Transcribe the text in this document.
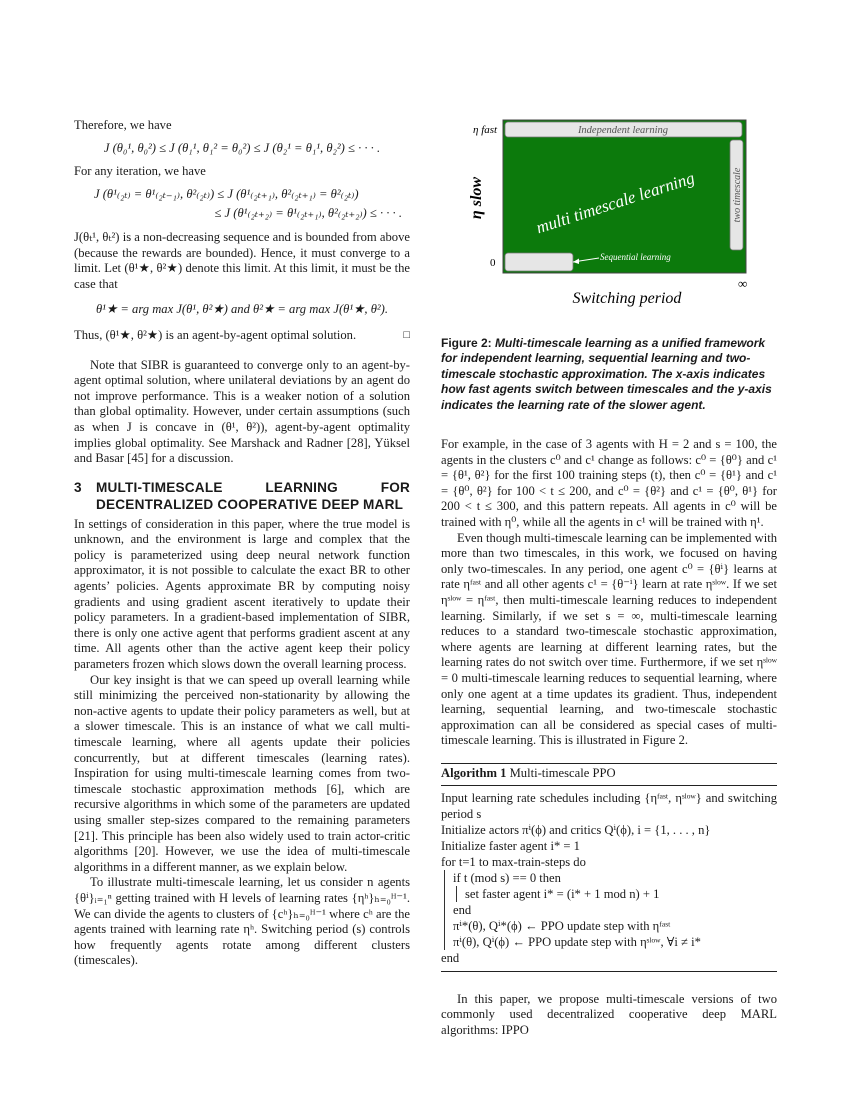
Therefore, we have

J (θ₀¹, θ₀²) ≤ J (θ₁¹, θ₁² = θ₀²) ≤ J (θ₂¹ = θ₁¹, θ₂²) ≤ · · · .

For any iteration, we have

J (θ¹₍₂ₜ₎ = θ¹₍₂ₜ₋₁₎, θ²₍₂ₜ₎) ≤ J (θ¹₍₂ₜ₊₁₎, θ²₍₂ₜ₊₁₎ = θ²₍₂ₜ₎)
≤ J (θ¹₍₂ₜ₊₂₎ = θ¹₍₂ₜ₊₁₎, θ²₍₂ₜ₊₂₎) ≤ · · · .

J(θₜ¹, θₜ²) is a non-decreasing sequence and is bounded from above (because the rewards are bounded). Hence, it must converge to a limit. Let (θ¹★, θ²★) denote this limit. At this limit, it must be the case that

θ¹★ = arg max J(θ¹, θ²★) and θ²★ = arg max J(θ¹★, θ²).

Thus, (θ¹★, θ²★) is an agent-by-agent optimal solution.	□

Note that SIBR is guaranteed to converge only to an agent-by-agent optimal solution, where unilateral deviations by an agent do not improve performance. This is a weaker notion of a solution than global optimality. However, under certain assumptions (such as when J is concave in (θ¹, θ²)), agent-by-agent optimality implies global optimality. See Marshack and Radner [28], Yüksel and Basar [45] for a discussion.

3	MULTI-TIMESCALE LEARNING FOR DECENTRALIZED COOPERATIVE DEEP MARL

In settings of consideration in this paper, where the true model is unknown, and the environment is large and complex that the policy is parameterized using deep neural network function approximator, it is not possible to calculate the exact BR to other agents’ policies. Agents approximate BR by computing noisy gradients and using gradient ascent iteratively to update their policy parameters. In a gradient-based implementation of SIBR, there is only one active agent that performs gradient ascent at any time. All agents other than the active agent keep their policy parameters frozen which slows down the overall learning process.

Our key insight is that we can speed up overall learning while still minimizing the perceived non-stationarity by allowing the non-active agents to update their policy parameters as well, but at a slower timescale. This is an instance of what we call multi-timescale learning, where all agents update their policies concurrently, but at different timescales (learning rates). Inspiration for using multi-timescale learning comes from two-timescale stochastic approximation methods [6], which are recursive algorithms in which some of the parameters are updated using smaller step-sizes compared to the remaining parameters [21]. This principle has been also widely used to train actor-critic algorithms [20]. However, we use the idea of multi-timescale algorithms in a different manner, as we explain below.

To illustrate multi-timescale learning, let us consider n agents {θⁱ}ᵢ₌₁ⁿ getting trained with H levels of learning rates {ηʰ}ₕ₌₀ᴴ⁻¹. We can divide the agents to clusters of {cʰ}ₕ₌₀ᴴ⁻¹ where cʰ are the agents trained with learning rate ηʰ. Switching period (s) controls how frequently agents rotate among different clusters (timescales).

Independent learning
two timescale
Sequential learning
multi timescale learning
η fast
η slow
0
∞
Switching period
Figure 2: Multi-timescale learning as a unified framework for independent learning, sequential learning and two-timescale stochastic approximation. The x-axis indicates how fast agents switch between timescales and the y-axis indicates the learning rate of the slower agent.

For example, in the case of 3 agents with H = 2 and s = 100, the agents in the clusters c⁰ and c¹ change as follows: c⁰ = {θ⁰} and c¹ = {θ¹, θ²} for the first 100 training steps (t), then c⁰ = {θ¹} and c¹ = {θ⁰, θ²} for 100 < t ≤ 200, and c⁰ = {θ²} and c¹ = {θ⁰, θ¹} for 200 < t ≤ 300, and this pattern repeats. All agents in c⁰ will be trained with η⁰, while all the agents in c¹ will be trained with η¹.

Even though multi-timescale learning can be implemented with more than two timescales, in this work, we focused on having only two-timescales. In any period, one agent c⁰ = {θⁱ} learns at rate ηᶠᵃˢᵗ and all other agents c¹ = {θ⁻ⁱ} learn at rate ηˢˡᵒʷ. If we set ηˢˡᵒʷ = ηᶠᵃˢᵗ, then multi-timescale learning reduces to independent learning. Similarly, if we set s = ∞, multi-timescale learning reduces to a standard two-timescale stochastic approximation, where agents are learning at different learning rates, but the learning rates do not switch over time. Furthermore, if we set ηˢˡᵒʷ = 0 multi-timescale learning reduces to sequential learning, where only one agent at a time updates its gradient. Thus, independent learning, sequential learning, and two-timescale stochastic approximation can all be considered as special cases of multi-timescale learning. This is illustrated in Figure 2.

Algorithm 1 Multi-timescale PPO
Input learning rate schedules including {ηᶠᵃˢᵗ, ηˢˡᵒʷ} and switching period s
Initialize actors πⁱ(ϕ) and critics Qⁱ(ϕ), i = {1, . . . , n}
Initialize faster agent i* = 1
for t=1 to max-train-steps do
if t (mod s) == 0 then
set faster agent i* = (i* + 1 mod n) + 1
end
πⁱ*(θ), Qⁱ*(ϕ) ← PPO update step with ηᶠᵃˢᵗ
πⁱ(θ), Qⁱ(ϕ) ← PPO update step with ηˢˡᵒʷ, ∀i ≠ i*
end

In this paper, we propose multi-timescale versions of two commonly used decentralized cooperative deep MARL algorithms: IPPO
